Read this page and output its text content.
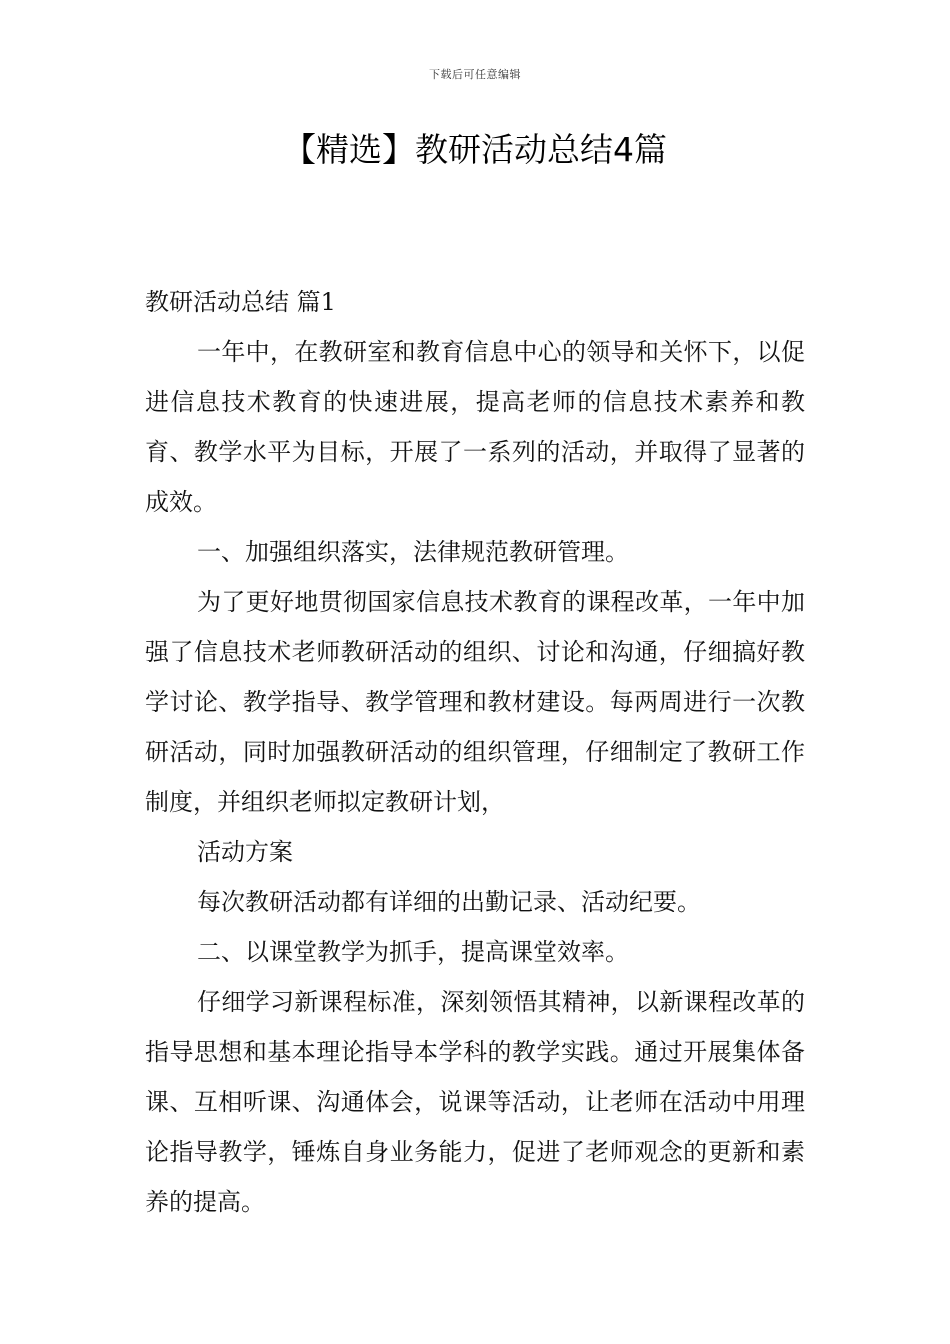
下载后可任意编辑
【精选】教研活动总结4篇

教研活动总结 篇1

一年中，在教研室和教育信息中心的领导和关怀下，以促进信息技术教育的快速进展，提高老师的信息技术素养和教育、教学水平为目标，开展了一系列的活动，并取得了显著的成效。

一、加强组织落实，法律规范教研管理。

为了更好地贯彻国家信息技术教育的课程改革，一年中加强了信息技术老师教研活动的组织、讨论和沟通，仔细搞好教学讨论、教学指导、教学管理和教材建设。每两周进行一次教研活动，同时加强教研活动的组织管理，仔细制定了教研工作制度，并组织老师拟定教研计划，

活动方案

每次教研活动都有详细的出勤记录、活动纪要。

二、以课堂教学为抓手，提高课堂效率。

仔细学习新课程标准，深刻领悟其精神，以新课程改革的指导思想和基本理论指导本学科的教学实践。通过开展集体备课、互相听课、沟通体会，说课等活动，让老师在活动中用理论指导教学，锤炼自身业务能力，促进了老师观念的更新和素养的提高。
